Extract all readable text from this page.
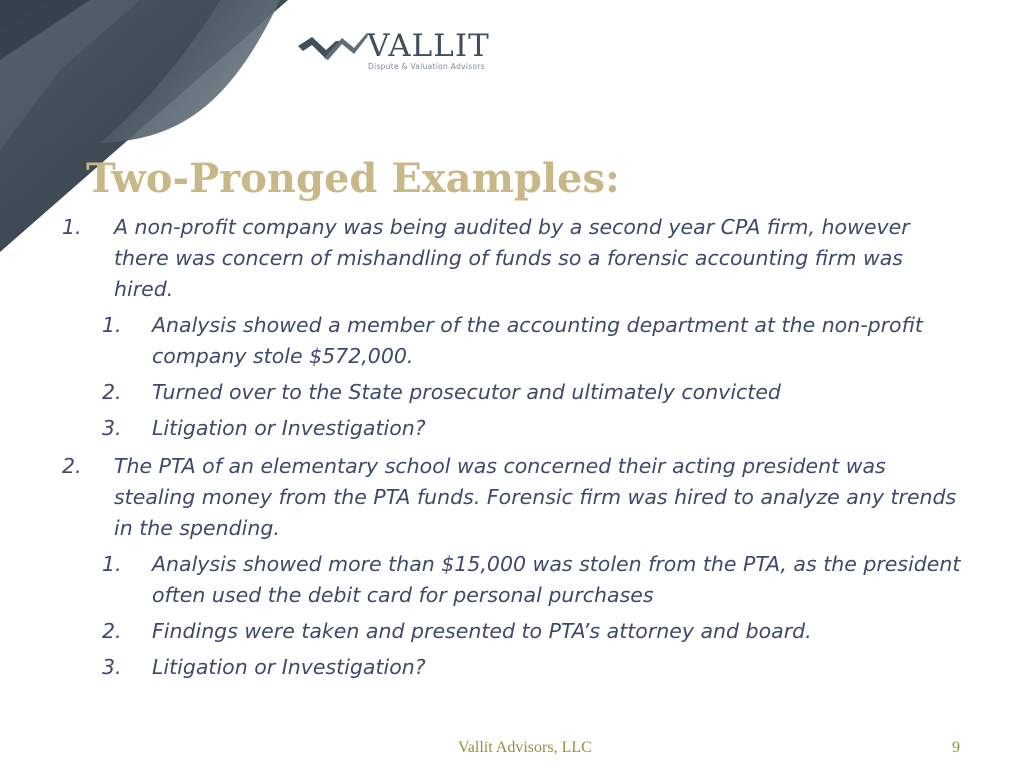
VALLIT
Dispute & Valuation Advisors
Two-Pronged Examples:
1. A non-profit company was being audited by a second year CPA firm, however there was concern of mishandling of funds so a forensic accounting firm was hired.
1. Analysis showed a member of the accounting department at the non-profit company stole $572,000.
2. Turned over to the State prosecutor and ultimately convicted
3. Litigation or Investigation?
2. The PTA of an elementary school was concerned their acting president was stealing money from the PTA funds. Forensic firm was hired to analyze any trends in the spending.
1. Analysis showed more than $15,000 was stolen from the PTA, as the president often used the debit card for personal purchases
2. Findings were taken and presented to PTA’s attorney and board.
3. Litigation or Investigation?
Vallit Advisors, LLC	9
